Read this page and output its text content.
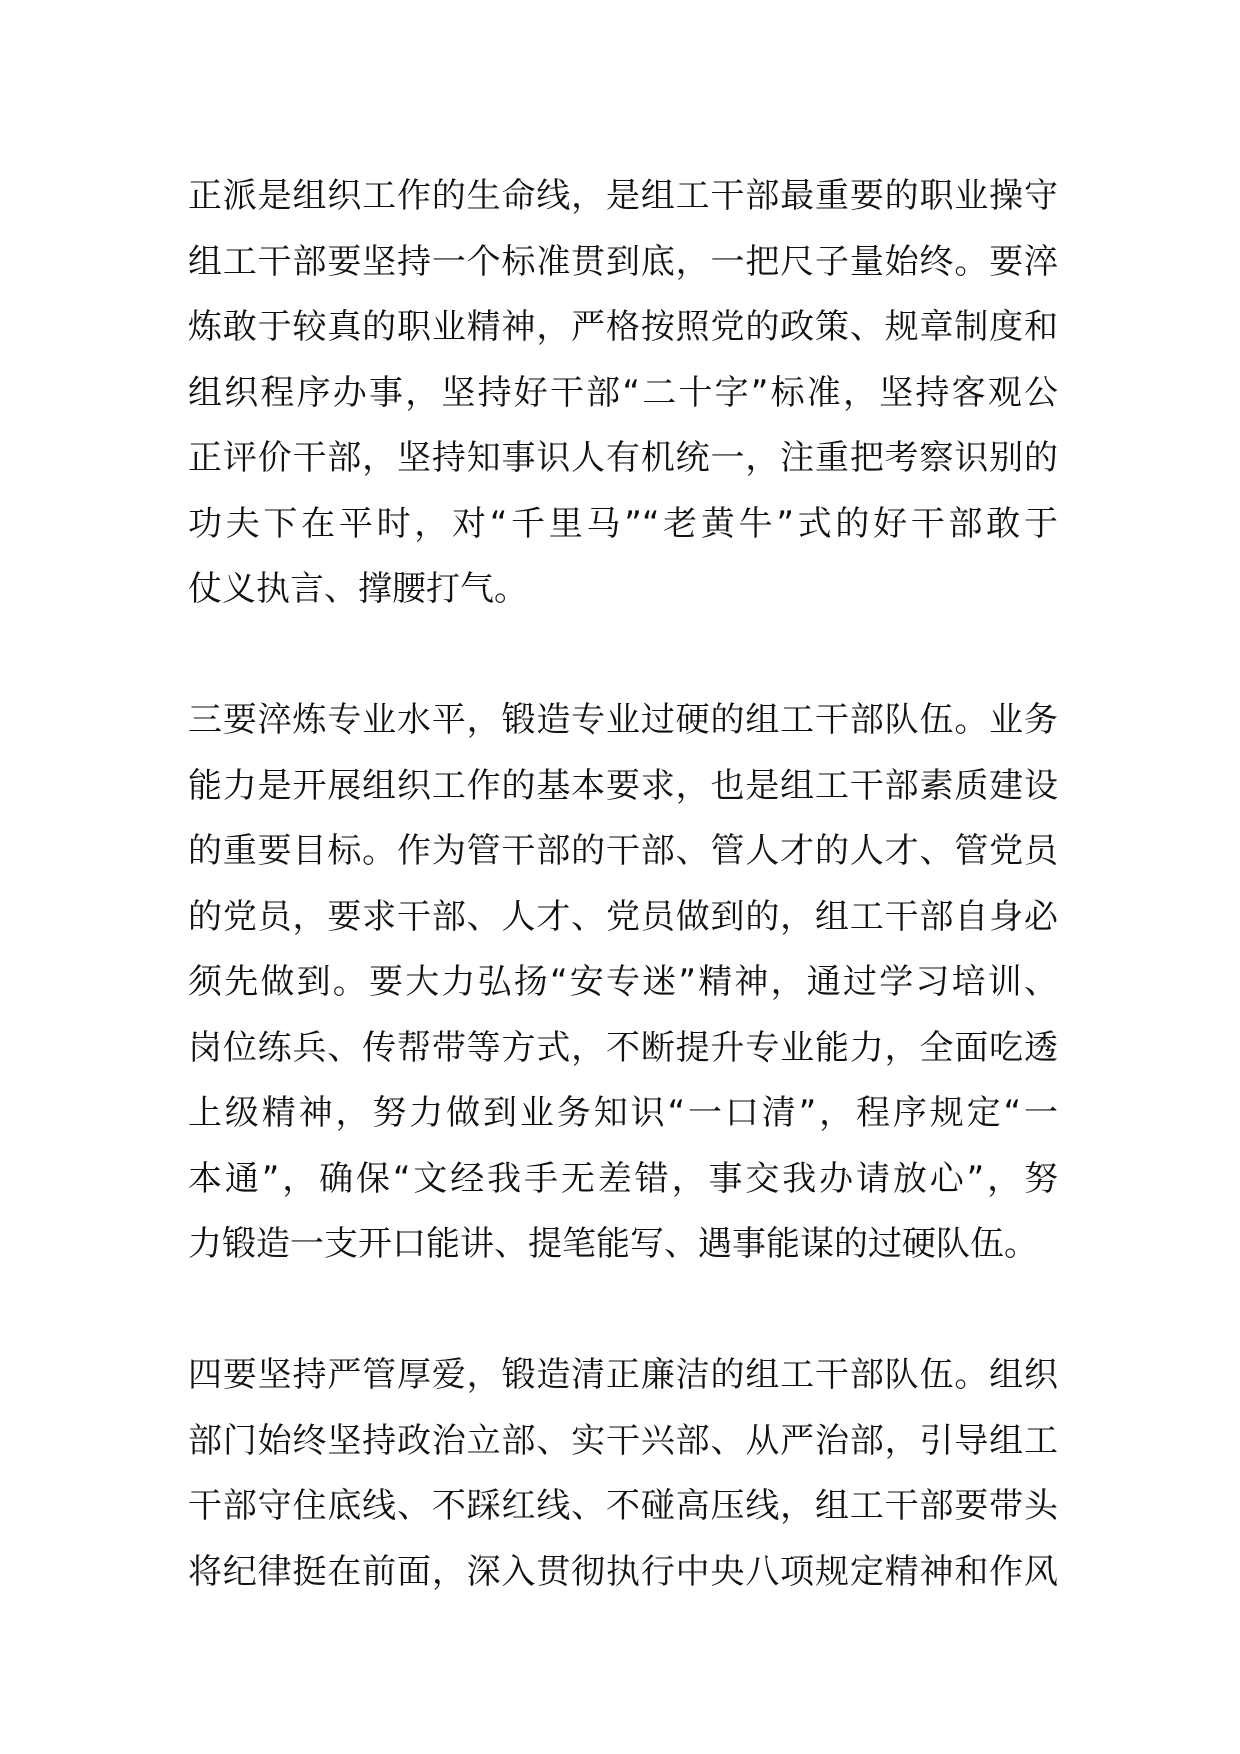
正派是组织工作的生命线，是组工干部最重要的职业操守
组工干部要坚持一个标准贯到底，一把尺子量始终。要淬
炼敢于较真的职业精神，严格按照党的政策、规章制度和
组织程序办事，坚持好干部“二十字”标准，坚持客观公
正评价干部，坚持知事识人有机统一，注重把考察识别的
功夫下在平时，对“千里马”“老黄牛”式的好干部敢于
仗义执言、撑腰打气。
三要淬炼专业水平，锻造专业过硬的组工干部队伍。业务
能力是开展组织工作的基本要求，也是组工干部素质建设
的重要目标。作为管干部的干部、管人才的人才、管党员
的党员，要求干部、人才、党员做到的，组工干部自身必
须先做到。要大力弘扬“安专迷”精神，通过学习培训、
岗位练兵、传帮带等方式，不断提升专业能力，全面吃透
上级精神，努力做到业务知识“一口清”，程序规定“一
本通”，确保“文经我手无差错，事交我办请放心”，努
力锻造一支开口能讲、提笔能写、遇事能谋的过硬队伍。
四要坚持严管厚爱，锻造清正廉洁的组工干部队伍。组织
部门始终坚持政治立部、实干兴部、从严治部，引导组工
干部守住底线、不踩红线、不碰高压线，组工干部要带头
将纪律挺在前面，深入贯彻执行中央八项规定精神和作风
